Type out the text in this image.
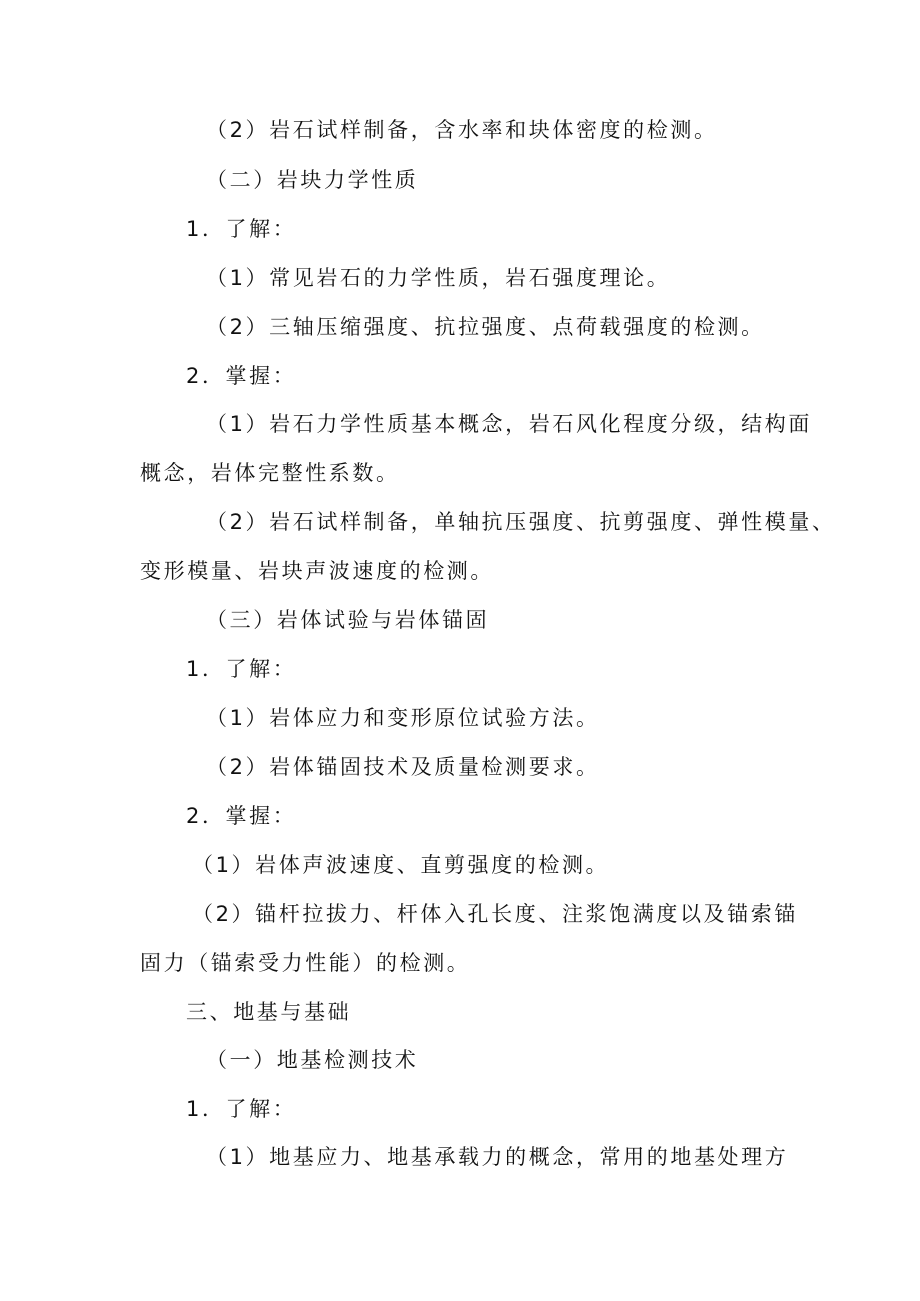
（2）岩石试样制备，含水率和块体密度的检测。
（二）岩块力学性质
1．了解：
（1）常见岩石的力学性质，岩石强度理论。
（2）三轴压缩强度、抗拉强度、点荷载强度的检测。
2．掌握：
（1）岩石力学性质基本概念，岩石风化程度分级，结构面
概念，岩体完整性系数。
（2）岩石试样制备，单轴抗压强度、抗剪强度、弹性模量、
变形模量、岩块声波速度的检测。
（三）岩体试验与岩体锚固
1．了解：
（1）岩体应力和变形原位试验方法。
（2）岩体锚固技术及质量检测要求。
2．掌握：
（1）岩体声波速度、直剪强度的检测。
（2）锚杆拉拔力、杆体入孔长度、注浆饱满度以及锚索锚
固力（锚索受力性能）的检测。
三、地基与基础
（一）地基检测技术
1．了解：
（1）地基应力、地基承载力的概念，常用的地基处理方
